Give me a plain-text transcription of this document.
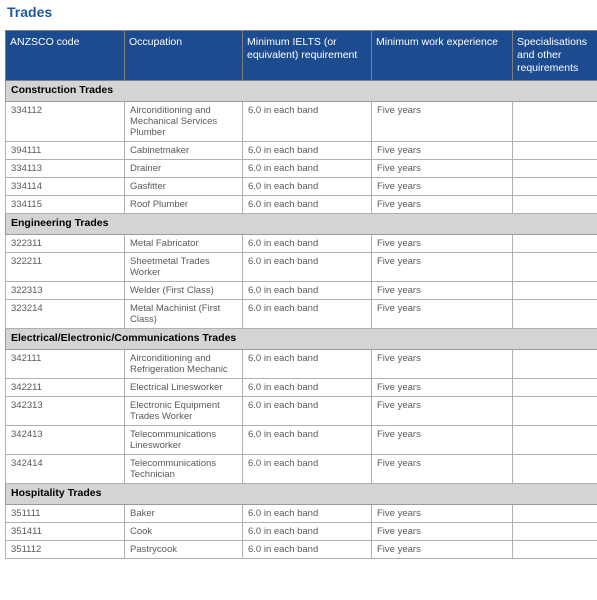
Trades
ANZSCO code	Occupation	Minimum IELTS (or equivalent) requirement	Minimum work experience	Specialisations and other requirements
Construction Trades				
334112	Airconditioning and Mechanical Services Plumber	6.0 in each band	Five years	
394111	Cabinetmaker	6.0 in each band	Five years	
334113	Drainer	6.0 in each band	Five years	
334114	Gasfitter	6.0 in each band	Five years	
334115	Roof Plumber	6.0 in each band	Five years	
Engineering Trades				
322311	Metal Fabricator	6.0 in each band	Five years	
322211	Sheetmetal Trades Worker	6.0 in each band	Five years	
322313	Welder (First Class)	6.0 in each band	Five years	
323214	Metal Machinist (First Class)	6.0 in each band	Five years	
Electrical/Electronic/Communications Trades				
342111	Airconditioning and Refrigeration Mechanic	6.0 in each band	Five years	
342211	Electrical Linesworker	6.0 in each band	Five years	
342313	Electronic Equipment Trades Worker	6.0 in each band	Five years	
342413	Telecommunications Linesworker	6.0 in each band	Five years	
342414	Telecommunications Technician	6.0 in each band	Five years	
Hospitality Trades				
351111	Baker	6.0 in each band	Five years	
351411	Cook	6.0 in each band	Five years	
351112	Pastrycook	6.0 in each band	Five years	
